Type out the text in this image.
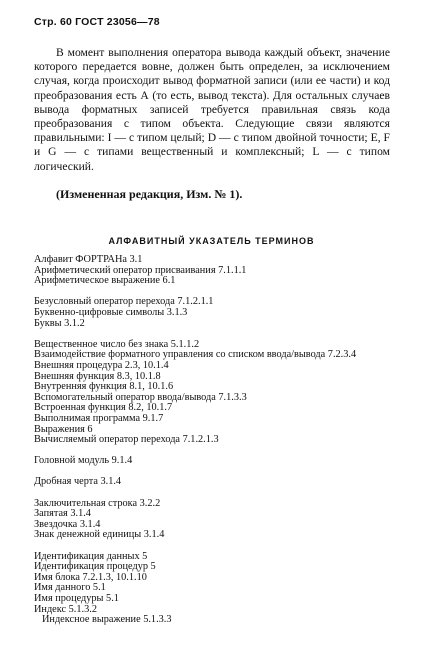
Стр. 60 ГОСТ 23056—78

В момент выполнения оператора вывода каждый объект, значение которого передается вовне, должен быть определен, за исключением случая, когда происходит вывод форматной записи (или ее части) и код преобразования есть А (то есть, вывод текста). Для остальных случаев вывода форматных записей требуется правильная связь кода преобразования с типом объекта. Следующие связи являются правильными: I — с типом целый; D — с типом двойной точности; E, F и G — с типами вещественный и комплексный; L — с типом логический.

(Измененная редакция, Изм. № 1).
АЛФАВИТНЫЙ УКАЗАТЕЛЬ ТЕРМИНОВ
Алфавит ФОРТРАНа 3.1
Арифметический оператор присваивания 7.1.1.1
Арифметическое выражение 6.1
Безусловный оператор перехода 7.1.2.1.1
Буквенно-цифровые символы 3.1.3
Буквы 3.1.2
Вещественное число без знака 5.1.1.2
Взаимодействие форматного управления со списком ввода/вывода 7.2.3.4
Внешняя процедура 2.3, 10.1.4
Внешняя функция 8.3, 10.1.8
Внутренняя функция 8.1, 10.1.6
Вспомогательный оператор ввода/вывода 7.1.3.3
Встроенная функция 8.2, 10.1.7
Выполнимая программа 9.1.7
Выражения 6
Вычисляемый оператор перехода 7.1.2.1.3
Головной модуль 9.1.4
Дробная черта 3.1.4
Заключительная строка 3.2.2
Запятая 3.1.4
Звездочка 3.1.4
Знак денежной единицы 3.1.4
Идентификация данных 5
Идентификация процедур 5
Имя блока 7.2.1.3, 10.1.10
Имя данного 5.1
Имя процедуры 5.1
Индекс 5.1.3.2
Индексное выражение 5.1.3.3
